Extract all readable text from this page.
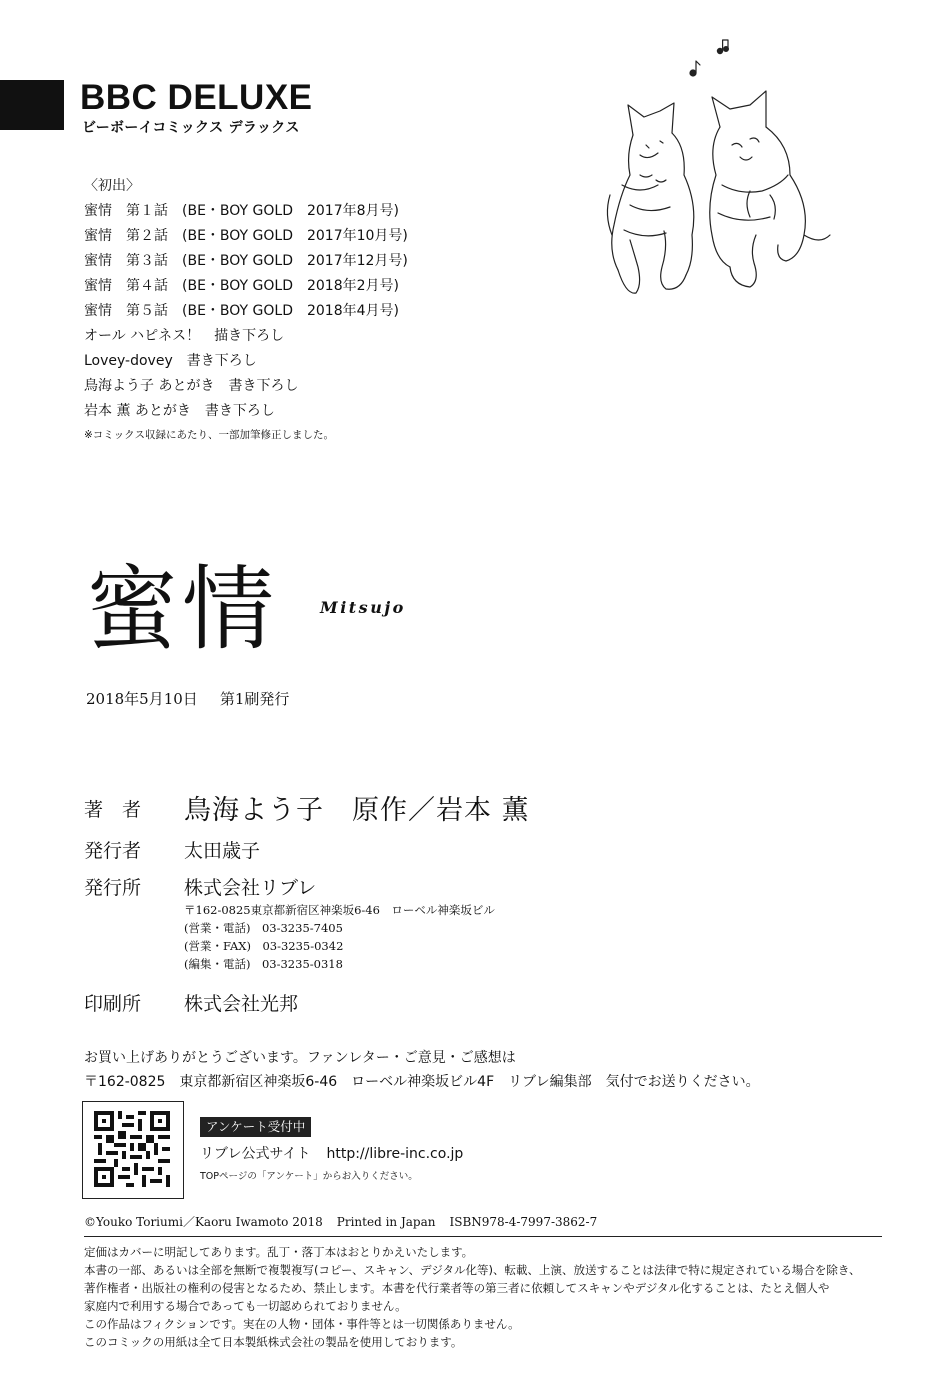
BBC DELUXE
ビーボーイコミックス デラックス
〈初出〉
蜜情　第１話　(BE・BOY GOLD　2017年8月号)
蜜情　第２話　(BE・BOY GOLD　2017年10月号)
蜜情　第３話　(BE・BOY GOLD　2017年12月号)
蜜情　第４話　(BE・BOY GOLD　2018年2月号)
蜜情　第５話　(BE・BOY GOLD　2018年4月号)
オール ハピネス！　描き下ろし
Lovey-dovey　書き下ろし
鳥海よう子 あとがき　書き下ろし
岩本 薫 あとがき　書き下ろし
※コミックス収録にあたり、一部加筆修正しました。
蜜情	Mitsujo
2018年5月10日 第1刷発行
著　者 鳥海よう子　原作／岩本 薫
発行者 太田歳子
発行所 株式会社リブレ
〒162-0825東京都新宿区神楽坂6-46　ローベル神楽坂ビル
(営業・電話)　03-3235-7405
(営業・FAX)　03-3235-0342
(編集・電話)　03-3235-0318
印刷所 株式会社光邦
お買い上げありがとうございます。ファンレター・ご意見・ご感想は
〒162-0825　東京都新宿区神楽坂6-46　ローベル神楽坂ビル4F　リブレ編集部　気付でお送りください。
アンケート受付中
リブレ公式サイト http://libre-inc.co.jp
TOPページの「アンケート」からお入りください。
©Youko Toriumi／Kaoru Iwamoto 2018 Printed in Japan ISBN978-4-7997-3862-7
定価はカバーに明記してあります。乱丁・落丁本はおとりかえいたします。
本書の一部、あるいは全部を無断で複製複写(コピー、スキャン、デジタル化等)、転載、上演、放送することは法律で特に規定されている場合を除き、
著作権者・出版社の権利の侵害となるため、禁止します。本書を代行業者等の第三者に依頼してスキャンやデジタル化することは、たとえ個人や
家庭内で利用する場合であっても一切認められておりません。
この作品はフィクションです。実在の人物・団体・事件等とは一切関係ありません。
このコミックの用紙は全て日本製紙株式会社の製品を使用しております。
